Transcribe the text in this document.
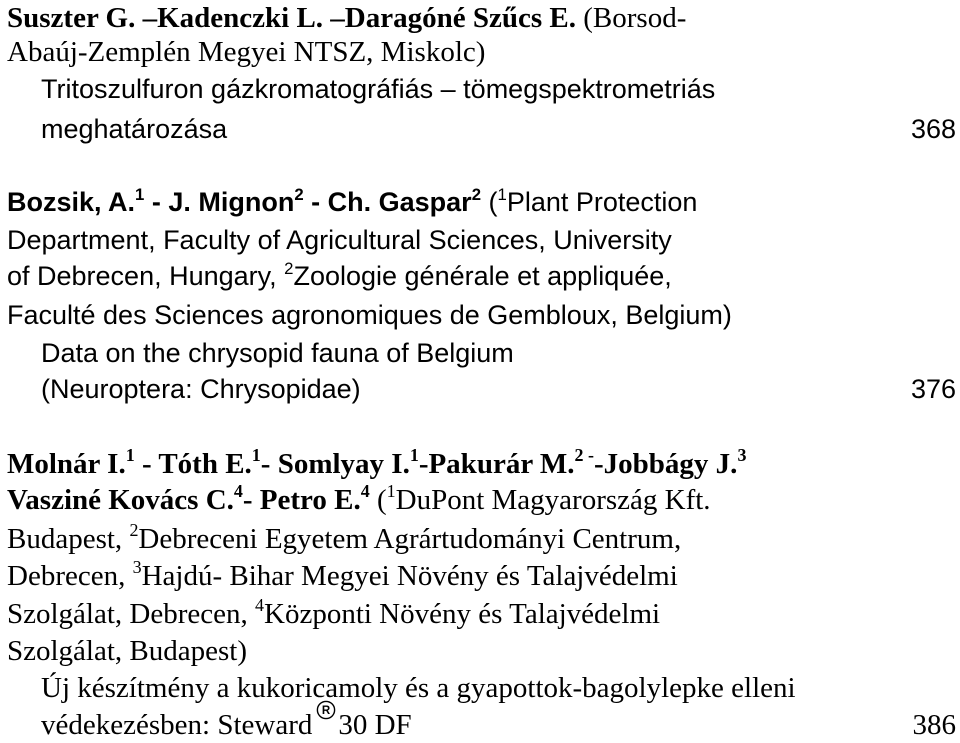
Suszter G. –Kadenczki L. –Daragóné Szűcs E. (Borsod-
Abaúj-Zemplén Megyei NTSZ, Miskolc)
Tritoszulfuron gázkromatográfiás – tömegspektrometriás
meghatározása	368
Bozsik, A.$^1$ - J. Mignon$^2$ - Ch. Gaspar$^2$ ($^1$Plant Protection
Department, Faculty of Agricultural Sciences, University
of Debrecen, Hungary, $^2$Zoologie générale et appliquée,
Faculté des Sciences agronomiques de Gembloux, Belgium)
Data on the chrysopid fauna of Belgium
(Neuroptera: Chrysopidae)	376
Molnár I.$^1$ - Tóth E.$^1$- Somlyay I.$^1$-Pakurár M.$^{2 -}$-Jobbágy J.$^3$
Vasziné Kovács C.$^4$- Petro E.$^4$ ($^1$DuPont Magyarország Kft.
Budapest, $^2$Debreceni Egyetem Agrártudományi Centrum,
Debrecen, $^3$Hajdú- Bihar Megyei Növény és Talajvédelmi
Szolgálat, Debrecen, $^4$Központi Növény és Talajvédelmi
Szolgálat, Budapest)
Új készítmény a kukoricamoly és a gyapottok-bagolylepke elleni
védekezésben: Steward R 30 DF	386
